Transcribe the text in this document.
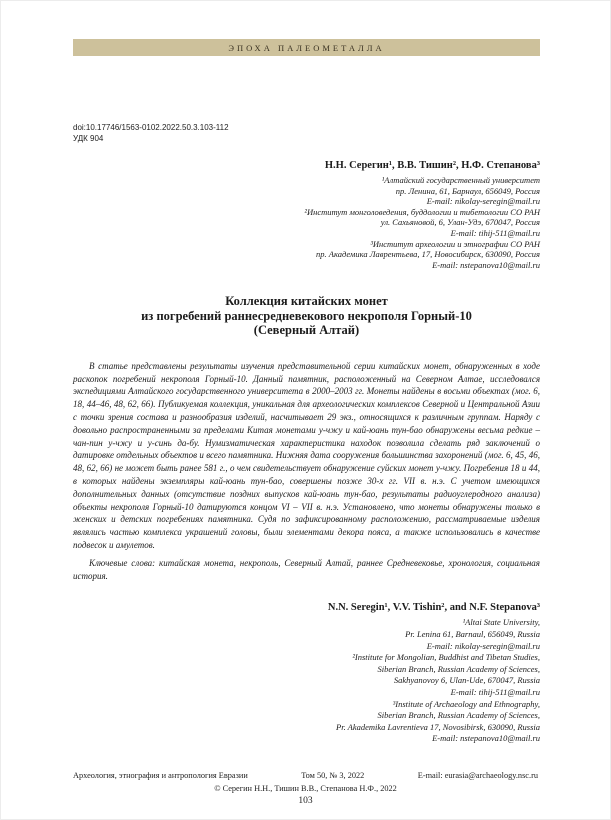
ЭПОХА ПАЛЕОМЕТАЛЛА
doi:10.17746/1563-0102.2022.50.3.103-112
УДК 904
Н.Н. Серегин¹, В.В. Тишин², Н.Ф. Степанова³
¹Алтайский государственный университет
пр. Ленина, 61, Барнаул, 656049, Россия
E-mail: nikolay-seregin@mail.ru
²Институт монголоведения, буддологии и тибетологии СО РАН
ул. Сахьяновой, 6, Улан-Удэ, 670047, Россия
E-mail: tihij-511@mail.ru
³Институт археологии и этнографии СО РАН
пр. Академика Лаврентьева, 17, Новосибирск, 630090, Россия
E-mail: nstepanova10@mail.ru
Коллекция китайских монет
из погребений раннесредневекового некрополя Горный-10
(Северный Алтай)

В статье представлены результаты изучения представительной серии китайских монет, обнаруженных в ходе раскопок погребений некрополя Горный-10. Данный памятник, расположенный на Северном Алтае, исследовался экспедициями Алтайского государственного университета в 2000–2003 гг. Монеты найдены в восьми объектах (мог. 6, 18, 44–46, 48, 62, 66). Публикуемая коллекция, уникальная для археологических комплексов Северной и Центральной Азии с точки зрения состава и разнообразия изделий, насчитывает 29 экз., относящихся к различным группам. Наряду с довольно распространенными за пределами Китая монетами у-чжу и кай-юань тун-бао обнаружены весьма редкие – чан-пин у-чжу и у-синь да-бу. Нумизматическая характеристика находок позволила сделать ряд заключений о датировке отдельных объектов и всего памятника. Нижняя дата сооружения большинства захоронений (мог. 6, 45, 46, 48, 62, 66) не может быть ранее 581 г., о чем свидетельствует обнаружение суйских монет у-чжу. Погребения 18 и 44, в которых найдены экземпляры кай-юань тун-бао, совершены позже 30-х гг. VII в. н.э. С учетом имеющихся дополнительных данных (отсутствие поздних выпусков кай-юань тун-бао, результаты радиоуглеродного анализа) объекты некрополя Горный-10 датируются концом VI – VII в. н.э. Установлено, что монеты обнаружены только в женских и детских погребениях памятника. Судя по зафиксированному расположению, рассматриваемые изделия являлись частью комплекса украшений головы, были элементами декора пояса, а также использовались в качестве подвесок и амулетов.

Ключевые слова: китайская монета, некрополь, Северный Алтай, раннее Средневековье, хронология, социальная история.

N.N. Seregin¹, V.V. Tishin², and N.F. Stepanova³
¹Altai State University,
Pr. Lenina 61, Barnaul, 656049, Russia
E-mail: nikolay-seregin@mail.ru
²Institute for Mongolian, Buddhist and Tibetan Studies,
Siberian Branch, Russian Academy of Sciences,
Sakhyanovoy 6, Ulan-Ude, 670047, Russia
E-mail: tihij-511@mail.ru
³Institute of Archaeology and Ethnography,
Siberian Branch, Russian Academy of Sciences,
Pr. Akademika Lavrentieva 17, Novosibirsk, 630090, Russia
E-mail: nstepanova10@mail.ru
Археология, этнография и антропология Евразии	Том 50, № 3, 2022	E-mail: eurasia@archaeology.nsc.ru
© Серегин Н.Н., Тишин В.В., Степанова Н.Ф., 2022
103
